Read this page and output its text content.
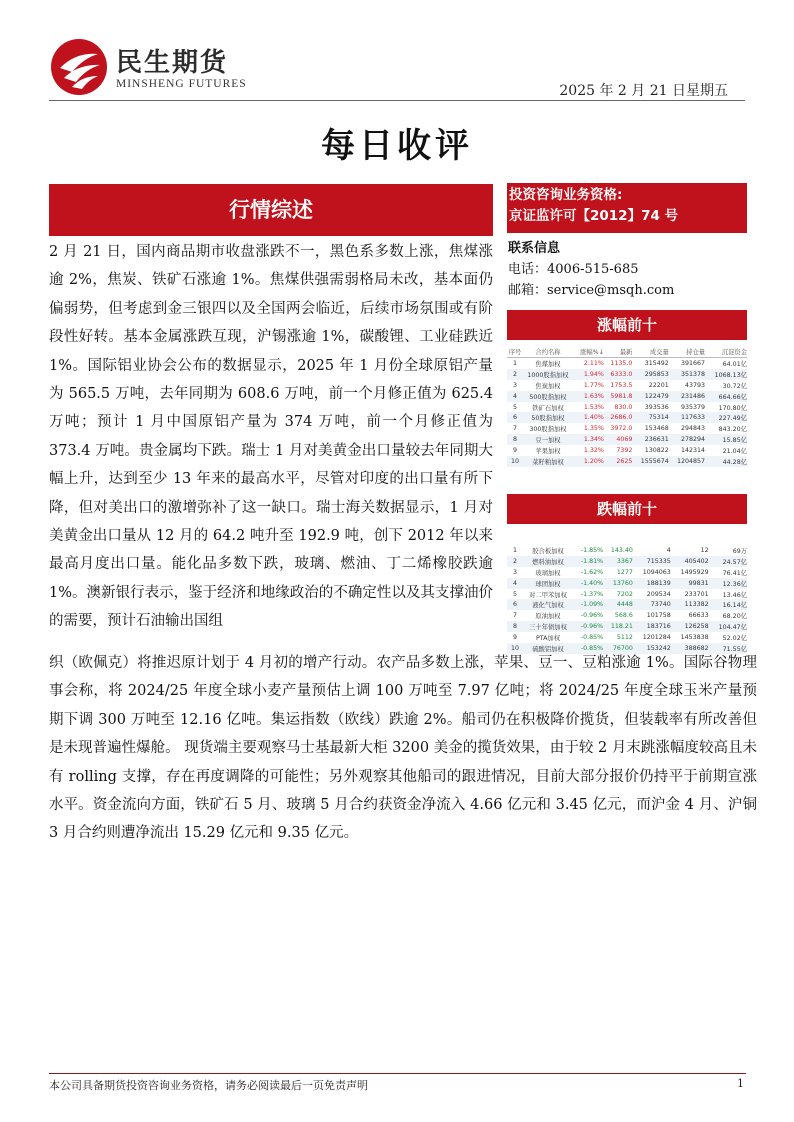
民生期货
MINSHENG FUTURES	2025 年 2 月 21 日星期五
每日收评
行情综述
2 月 21 日，国内商品期市收盘涨跌不一，黑色系多数上涨，焦煤涨逾 2%，焦炭、铁矿石涨逾 1%。焦煤供强需弱格局未改，基本面仍偏弱势，但考虑到金三银四以及全国两会临近，后续市场氛围或有阶段性好转。基本金属涨跌互现，沪锡涨逾 1%，碳酸锂、工业硅跌近 1%。国际铝业协会公布的数据显示，2025 年 1 月份全球原铝产量为 565.5 万吨，去年同期为 608.6 万吨，前一个月修正值为 625.4 万吨；预计 1 月中国原铝产量为 374 万吨，前一个月修正值为 373.4 万吨。贵金属均下跌。瑞士 1 月对美黄金出口量较去年同期大幅上升，达到至少 13 年来的最高水平，尽管对印度的出口量有所下降，但对美出口的激增弥补了这一缺口。瑞士海关数据显示，1 月对美黄金出口量从 12 月的 64.2 吨升至 192.9 吨，创下 2012 年以来最高月度出口量。能化品多数下跌，玻璃、燃油、丁二烯橡胶跌逾 1%。澳新银行表示，鉴于经济和地缘政治的不确定性以及其支撑油价的需要，预计石油输出国组
织（欧佩克）将推迟原计划于 4 月初的增产行动。农产品多数上涨，苹果、豆一、豆粕涨逾 1%。国际谷物理事会称，将 2024/25 年度全球小麦产量预估上调 100 万吨至 7.97 亿吨；将 2024/25 年度全球玉米产量预期下调 300 万吨至 12.16 亿吨。集运指数（欧线）跌逾 2%。船司仍在积极降价揽货，但装载率有所改善但是未现普遍性爆舱。 现货端主要观察马士基最新大柜 3200 美金的揽货效果，由于较 2 月末跳涨幅度较高且未有 rolling 支撑，存在再度调降的可能性；另外观察其他船司的跟进情况，目前大部分报价仍持平于前期宣涨水平。资金流向方面，铁矿石 5 月、玻璃 5 月合约获资金净流入 4.66 亿元和 3.45 亿元，而沪金 4 月、沪铜 3 月合约则遭净流出 15.29 亿元和 9.35 亿元。
投资咨询业务资格:
京证监许可【2012】74 号
联系信息
电话：4006-515-685
邮箱：service@msqh.com
涨幅前十
序号	合约名称	涨幅%↓	最新	成交量	持仓量	沉淀资金
1	焦煤加权	2.11%	1135.0	315492	391667	64.01亿
2	1000股指加权	1.94%	6333.0	295853	351378	1068.13亿
3	焦炭加权	1.77%	1753.5	22201	43793	30.72亿
4	500股指加权	1.63%	5981.8	122479	231486	664.66亿
5	铁矿石加权	1.53%	830.0	393536	935379	170.80亿
6	50股指加权	1.40%	2686.0	75314	117633	227.49亿
7	300股指加权	1.35%	3972.0	153468	294843	843.20亿
8	豆一加权	1.34%	4069	236631	278294	15.85亿
9	苹果加权	1.32%	7392	130822	142314	21.04亿
10	菜籽粕加权	1.20%	2625	1555674	1204857	44.28亿
跌幅前十
1	胶合板加权	-1.85%	143.40	4	12	69万
2	燃料油加权	-1.81%	3367	715335	405402	24.57亿
3	玻璃加权	-1.62%	1277	1094063	1495929	76.41亿
4	球团加权	-1.40%	13760	188139	99831	12.36亿
5	对二甲苯加权	-1.37%	7202	209534	233701	13.46亿
6	液化气加权	-1.09%	4448	73740	113382	16.14亿
7	原油加权	-0.96%	568.6	101758	66633	68.20亿
8	三十年债加权	-0.96%	118.21	183716	126258	104.47亿
9	PTA加权	-0.85%	5112	1201284	1453838	52.02亿
10	硫酸铝加权	-0.85%	76700	153242	388682	71.55亿
本公司具备期货投资咨询业务资格，请务必阅读最后一页免责声明	1
